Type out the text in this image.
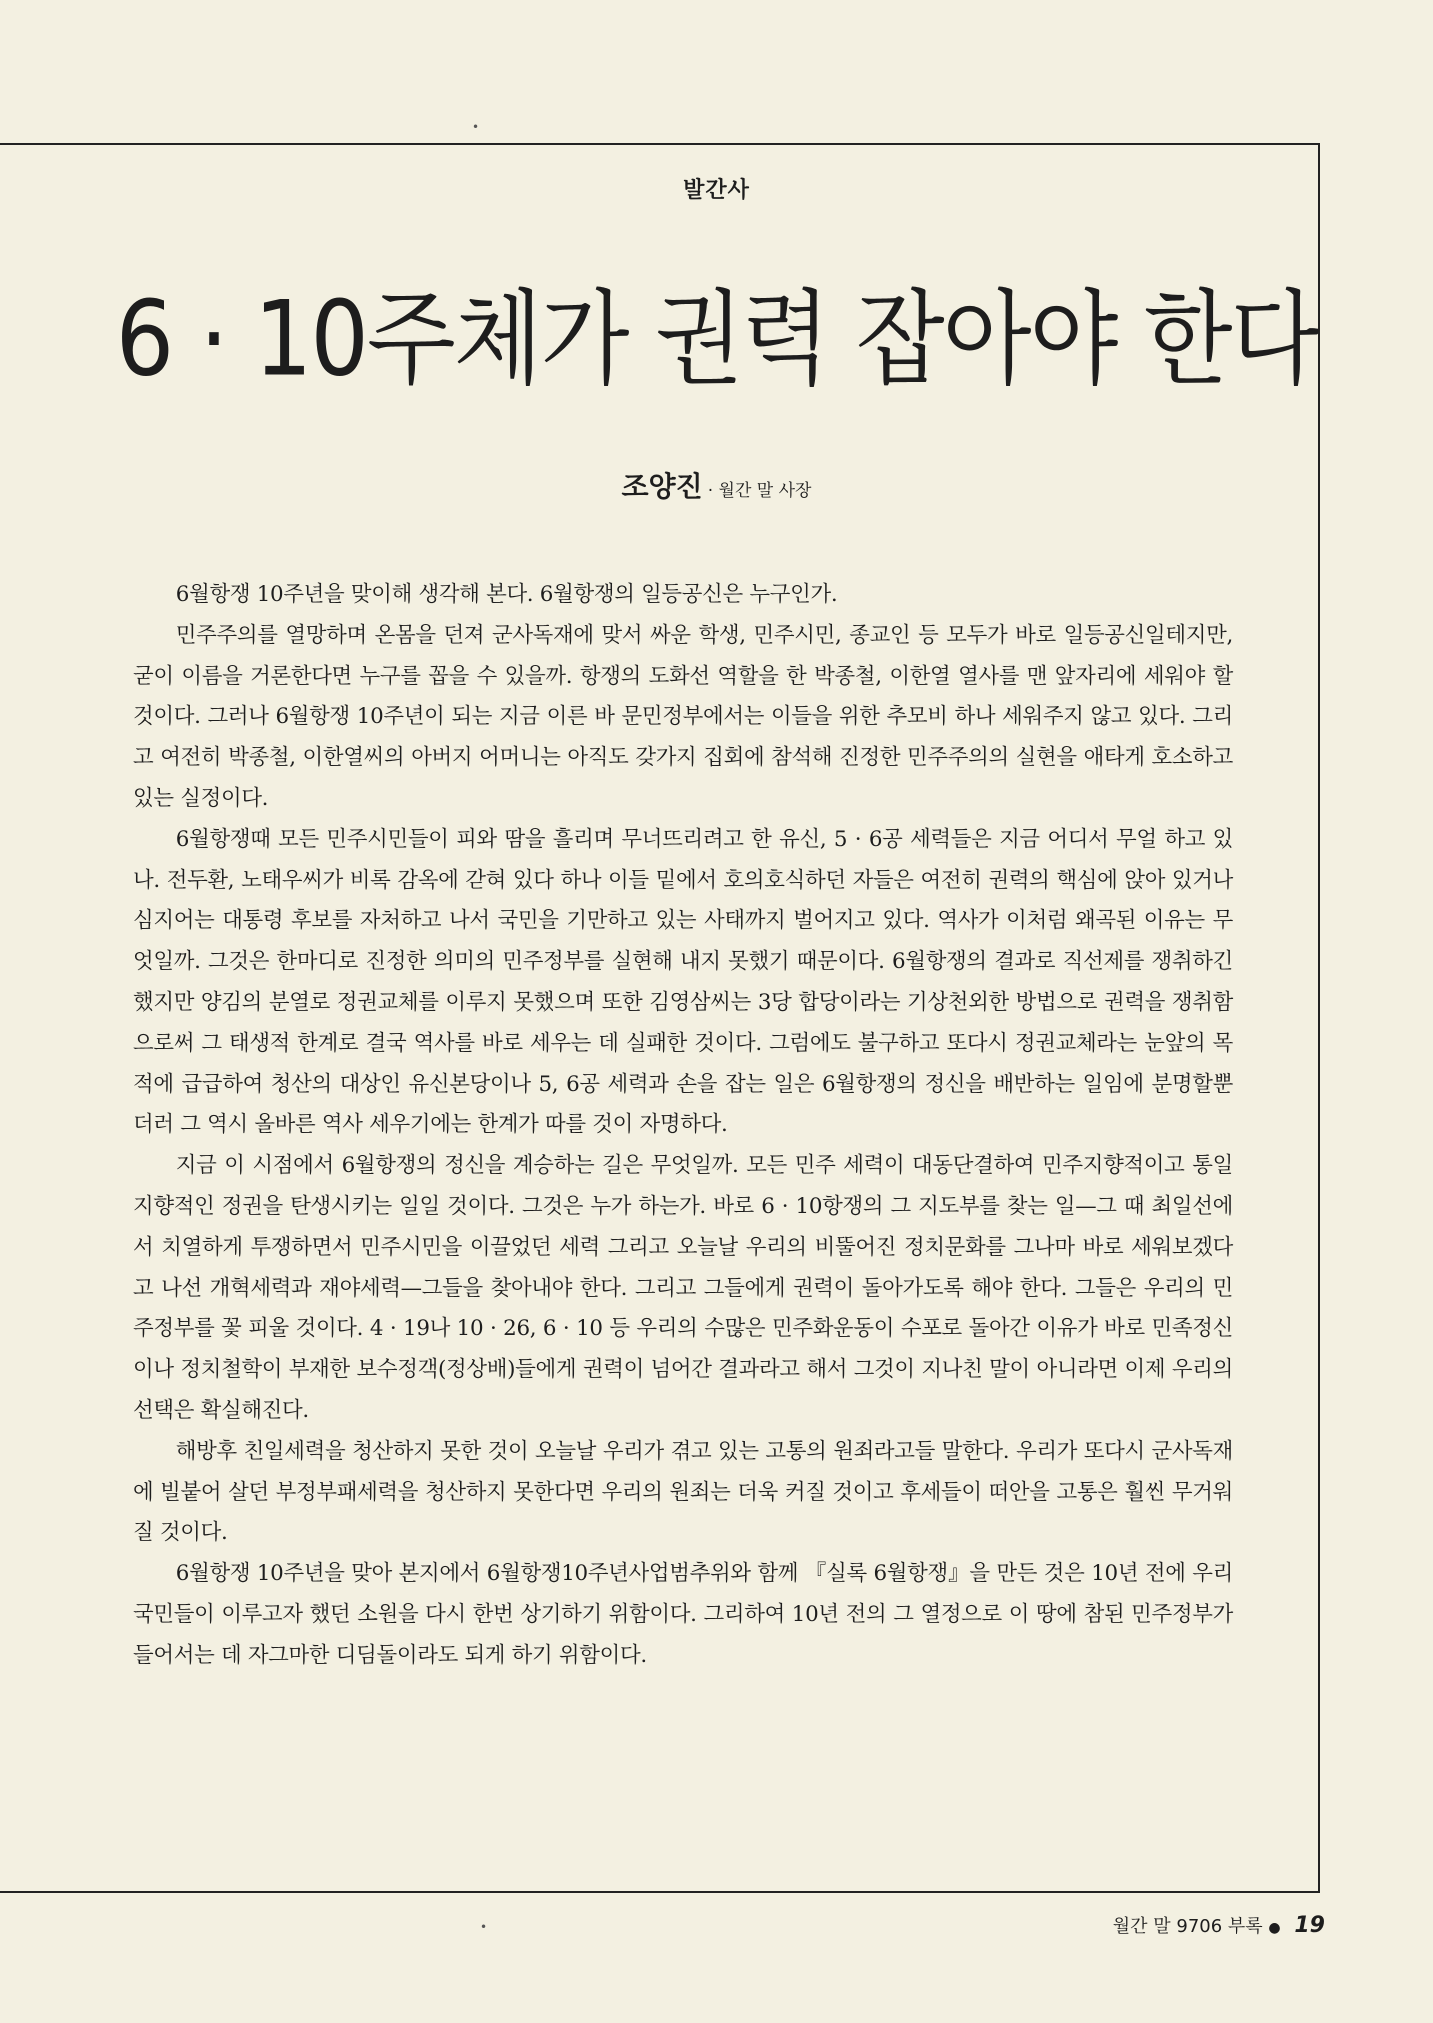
발간사
6 · 10주체가 권력 잡아야 한다
조양진 · 월간 말 사장

6월항쟁 10주년을 맞이해 생각해 본다. 6월항쟁의 일등공신은 누구인가.

민주주의를 열망하며 온몸을 던져 군사독재에 맞서 싸운 학생, 민주시민, 종교인 등 모두가 바로 일등공신일테지만, 굳이 이름을 거론한다면 누구를 꼽을 수 있을까. 항쟁의 도화선 역할을 한 박종철, 이한열 열사를 맨 앞자리에 세워야 할 것이다. 그러나 6월항쟁 10주년이 되는 지금 이른 바 문민정부에서는 이들을 위한 추모비 하나 세워주지 않고 있다. 그리고 여전히 박종철, 이한열씨의 아버지 어머니는 아직도 갖가지 집회에 참석해 진정한 민주주의의 실현을 애타게 호소하고 있는 실정이다.

6월항쟁때 모든 민주시민들이 피와 땀을 흘리며 무너뜨리려고 한 유신, 5 · 6공 세력들은 지금 어디서 무얼 하고 있나. 전두환, 노태우씨가 비록 감옥에 갇혀 있다 하나 이들 밑에서 호의호식하던 자들은 여전히 권력의 핵심에 앉아 있거나 심지어는 대통령 후보를 자처하고 나서 국민을 기만하고 있는 사태까지 벌어지고 있다. 역사가 이처럼 왜곡된 이유는 무엇일까. 그것은 한마디로 진정한 의미의 민주정부를 실현해 내지 못했기 때문이다. 6월항쟁의 결과로 직선제를 쟁취하긴 했지만 양김의 분열로 정권교체를 이루지 못했으며 또한 김영삼씨는 3당 합당이라는 기상천외한 방법으로 권력을 쟁취함으로써 그 태생적 한계로 결국 역사를 바로 세우는 데 실패한 것이다. 그럼에도 불구하고 또다시 정권교체라는 눈앞의 목적에 급급하여 청산의 대상인 유신본당이나 5, 6공 세력과 손을 잡는 일은 6월항쟁의 정신을 배반하는 일임에 분명할뿐더러 그 역시 올바른 역사 세우기에는 한계가 따를 것이 자명하다.

지금 이 시점에서 6월항쟁의 정신을 계승하는 길은 무엇일까. 모든 민주 세력이 대동단결하여 민주지향적이고 통일지향적인 정권을 탄생시키는 일일 것이다. 그것은 누가 하는가. 바로 6 · 10항쟁의 그 지도부를 찾는 일—그 때 최일선에서 치열하게 투쟁하면서 민주시민을 이끌었던 세력 그리고 오늘날 우리의 비뚤어진 정치문화를 그나마 바로 세워보겠다고 나선 개혁세력과 재야세력—그들을 찾아내야 한다. 그리고 그들에게 권력이 돌아가도록 해야 한다. 그들은 우리의 민주정부를 꽃 피울 것이다. 4 · 19나 10 · 26, 6 · 10 등 우리의 수많은 민주화운동이 수포로 돌아간 이유가 바로 민족정신이나 정치철학이 부재한 보수정객(정상배)들에게 권력이 넘어간 결과라고 해서 그것이 지나친 말이 아니라면 이제 우리의 선택은 확실해진다.

해방후 친일세력을 청산하지 못한 것이 오늘날 우리가 겪고 있는 고통의 원죄라고들 말한다. 우리가 또다시 군사독재에 빌붙어 살던 부정부패세력을 청산하지 못한다면 우리의 원죄는 더욱 커질 것이고 후세들이 떠안을 고통은 훨씬 무거워질 것이다.

6월항쟁 10주년을 맞아 본지에서 6월항쟁10주년사업범추위와 함께 『실록 6월항쟁』을 만든 것은 10년 전에 우리 국민들이 이루고자 했던 소원을 다시 한번 상기하기 위함이다. 그리하여 10년 전의 그 열정으로 이 땅에 참된 민주정부가 들어서는 데 자그마한 디딤돌이라도 되게 하기 위함이다.

월간 말 9706 부록 ● 19
•
•
